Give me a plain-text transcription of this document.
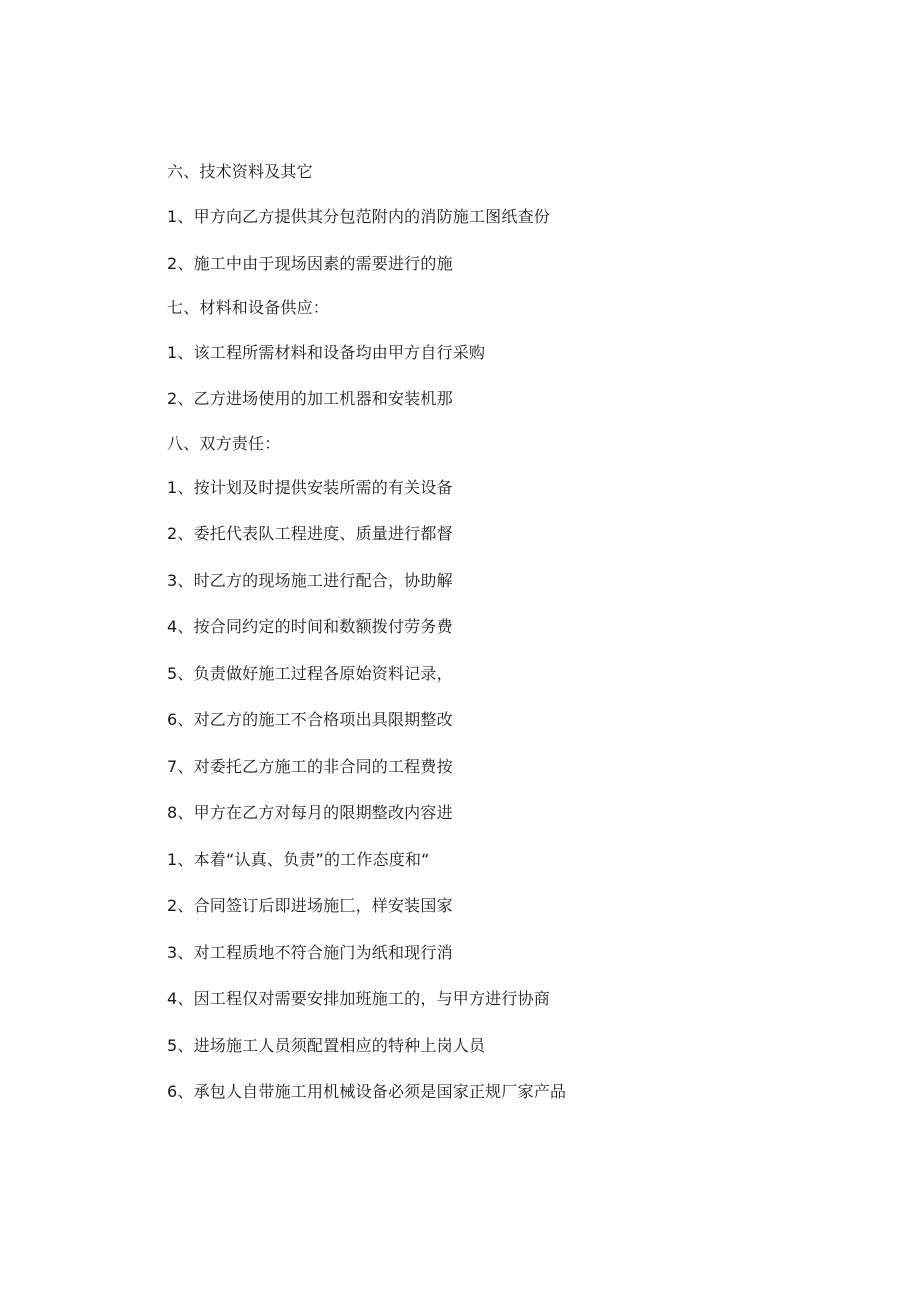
六、技术资料及其它
1、甲方向乙方提供其分包范附内的消防施工图纸查份
2、施工中由于现场因素的需要进行的施
七、材料和设备供应：
1、该工程所需材料和设备均由甲方自行采购
2、乙方进场使用的加工机器和安装机那
八、双方责任：
1、按计划及时提供安装所需的有关设备
2、委托代表队工程进度、质量进行都督
3、时乙方的现场施工进行配合，协助解
4、按合同约定的时间和数额拨付劳务费
5、负责做好施工过程各原始资料记录，
6、对乙方的施工不合格项出具限期整改
7、对委托乙方施工的非合同的工程费按
8、甲方在乙方对每月的限期整改内容进
1、本着“认真、负责”的工作态度和“
2、合同签订后即进场施匚，样安装国家
3、对工程质地不符合施门为纸和现行消
4、因工程仅对需要安排加班施工的，与甲方进行协商
5、进场施工人员须配置相应的特种上岗人员
6、承包人自带施工用机械设备必须是国家正规厂家产品
